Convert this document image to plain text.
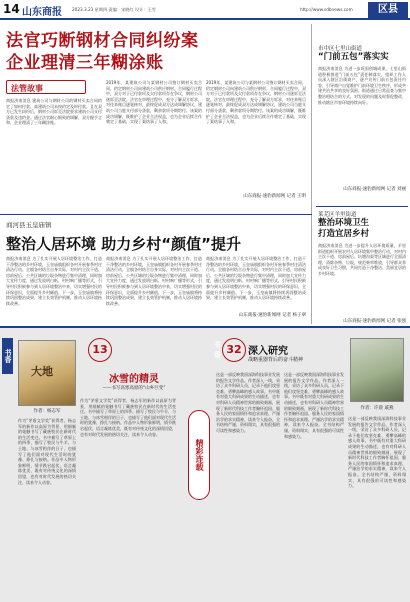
14 山东商报 2023.3.23 星期四 责编：宋晓红 设计：王雪	http://www.sdbnews.com	区县
法官巧断钢材合同纠纷案
企业理清三年糊涂账
法管故事
商报济南消息 建筑公司与钢材公司的钢材买卖合同约定了如何付款、高建筑公司未按约定及时付款，且在双方已发生纠纷后，钢材公司诉至法院要求建筑公司支付货款及违约金。通过法官耐心细致的调解，双方握手言和，企业理清了三年糊涂账。
2019年，某建筑公司与某钢材公司签订钢材买卖合同，约定钢材公司向建筑公司供应钢材。合同履行过程中，双方对于已付款项及欠付款项存在争议，钢材公司遂诉至法院。法官在审理过程中，充分了解双方诉求，对往来账目逐笔核对，最终促成双方达成调解协议，建筑公司当庭支付部分货款，剩余款项分期给付。该案的成功调解，既维护了企业合法权益，也为企业后续合作奠定了基础，实现了案结事了人和。
2019年，某建筑公司与某钢材公司签订钢材买卖合同，约定钢材公司向建筑公司供应钢材。合同履行过程中，双方对于已付款项及欠付款项存在争议，钢材公司遂诉至法院。法官在审理过程中，充分了解双方诉求，对往来账目逐笔核对，最终促成双方达成调解协议，建筑公司当庭支付部分货款，剩余款项分期给付。该案的成功调解，既维护了企业合法权益，也为企业后续合作奠定了基础，实现了案结事了人和。
山东商报·速豹新闻网 记者 王明
市中区七里山街道
“门前五包”落实实
商报济南消息 为进一步巩固创城成果，七里山街道积极推进“门前五包”责任制落实，组织工作人员深入辖区沿街商户，逐户宣传门前五包责任内容，引导商户自觉维护门前环境卫生秩序，形成共建共治共享的良好氛围。街道通过日常巡查与集中整治相结合的方式，对发现的问题及时督促整改，推动辖区市容环境持续向好。
山东商报·速豹新闻网 记者 刘丽
莱芜区羊里街道
整治环境卫生
打造宜居乡村
商报济南消息 为进一步提升人居环境质量，羊里街道组织开展农村人居环境集中整治行动，对村内主次干道、房前屋后、坑塘沟渠等区域进行全面清理，清除杂物、垃圾，规范柴草堆放，引导群众养成良好卫生习惯，共同打造干净整洁、美丽宜居的乡村环境。
山东商报·速豹新闻网 记者 张强
商河县玉皇庙镇
整治人居环境 助力乡村“颜值”提升
商报济南消息 为了扎实开展人居环境整治工作，打造干净整洁的乡村环境，玉皇庙镇组织各村开展春季村庄清洁行动。全镇各村结合自身实际，对村内主次干道、房前屋后、公共区域的垃圾杂物进行集中清理，同时加大宣传力度，通过发放明白纸、村村响广播等形式，引导村民积极参与到人居环境整治中来，切实增强村民的环保意识，全面提升乡村颜值。下一步，玉皇庙镇将持续巩固整治成果，建立长效管护机制，推动人居环境持续改善。
商报济南消息 为了扎实开展人居环境整治工作，打造干净整洁的乡村环境，玉皇庙镇组织各村开展春季村庄清洁行动。全镇各村结合自身实际，对村内主次干道、房前屋后、公共区域的垃圾杂物进行集中清理，同时加大宣传力度，通过发放明白纸、村村响广播等形式，引导村民积极参与到人居环境整治中来，切实增强村民的环保意识，全面提升乡村颜值。下一步，玉皇庙镇将持续巩固整治成果，建立长效管护机制，推动人居环境持续改善。
商报济南消息 为了扎实开展人居环境整治工作，打造干净整洁的乡村环境，玉皇庙镇组织各村开展春季村庄清洁行动。全镇各村结合自身实际，对村内主次干道、房前屋后、公共区域的垃圾杂物进行集中清理，同时加大宣传力度，通过发放明白纸、村村响广播等形式，引导村民积极参与到人居环境整治中来，切实增强村民的环保意识，全面提升乡村颜值。下一步，玉皇庙镇将持续巩固整治成果，建立长效管护机制，推动人居环境持续改善。
山东商报·速豹新闻网 记者 杨子翠
书香
大地
作者：杨志军
13
冰雪的精灵
——书写高寒高原的“山乡巨变”
作为“茅盾文学奖”获得者，杨志军的新作以高原为背景，用细腻的笔触书写了藏族牧民在新时代的生活变迁。书中描写了草原上的四季，描写了牧民与牛羊、与土地、与冰雪相伴的日子，也描写了他们面对现代生活时的犹豫、挣扎与接纳。作品中人物形象鲜明，情节跌宕起伏，语言凝练优美，既有对传统文化的深情回望，也有对时代发展的热切关注，读来令人动容。
作为“茅盾文学奖”获得者，杨志军的新作以高原为背景，用细腻的笔触书写了藏族牧民在新时代的生活变迁。书中描写了草原上的四季，描写了牧民与牛羊、与土地、与冰雪相伴的日子，也描写了他们面对现代生活时的犹豫、挣扎与接纳。作品中人物形象鲜明，情节跌宕起伏，语言凝练优美，既有对传统文化的深情回望，也有对时代发展的热切关注，读来令人动容。
精彩连载
32 深入研究
战略重器背后的奋斗精神
作者：许晨 戚燕
这是一部反映我国深海科技事业发展的报告文学作品。作者深入一线，采访了众多科研人员，记录下他们攻坚克难、勇攀高峰的感人故事。书中既有对重大科研成果的生动描述，也有对科研人员精神世界的细致刻画，展现了新时代科技工作者胸怀祖国、服务人民的家国情怀和追求真理、严谨治学的求实精神，读来令人振奋。全书结构严谨，资料翔实，具有很强的可读性和感染力。
这是一部反映我国深海科技事业发展的报告文学作品。作者深入一线，采访了众多科研人员，记录下他们攻坚克难、勇攀高峰的感人故事。书中既有对重大科研成果的生动描述，也有对科研人员精神世界的细致刻画，展现了新时代科技工作者胸怀祖国、服务人民的家国情怀和追求真理、严谨治学的求实精神，读来令人振奋。全书结构严谨，资料翔实，具有很强的可读性和感染力。
这是一部反映我国深海科技事业发展的报告文学作品。作者深入一线，采访了众多科研人员，记录下他们攻坚克难、勇攀高峰的感人故事。书中既有对重大科研成果的生动描述，也有对科研人员精神世界的细致刻画，展现了新时代科技工作者胸怀祖国、服务人民的家国情怀和追求真理、严谨治学的求实精神，读来令人振奋。全书结构严谨，资料翔实，具有很强的可读性和感染力。
